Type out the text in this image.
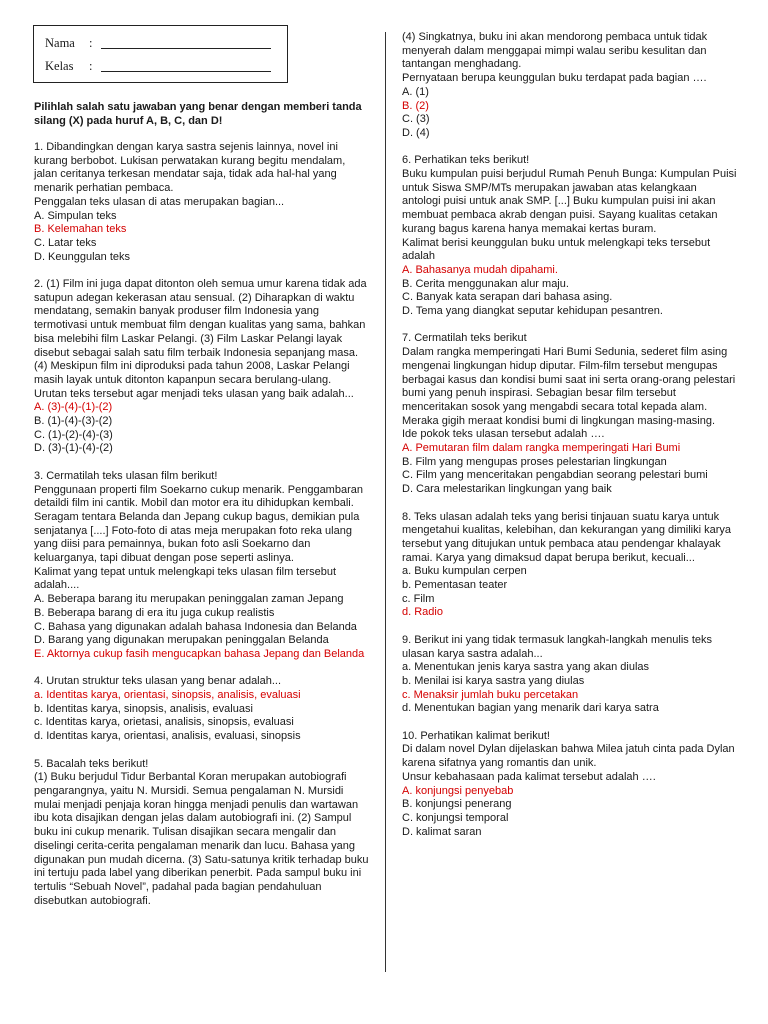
Nama	:
Kelas	:
Pilihlah salah satu jawaban yang benar dengan memberi tanda silang (X) pada huruf A, B, C, dan D!

1. Dibandingkan dengan karya sastra sejenis lainnya, novel ini kurang berbobot. Lukisan perwatakan kurang begitu mendalam, jalan ceritanya terkesan mendatar saja, tidak ada hal-hal yang menarik perhatian pembaca.

Penggalan teks ulasan di atas merupakan bagian...

A. Simpulan teks
B. Kelemahan teks
C. Latar teks
D. Keunggulan teks

2. (1) Film ini juga dapat ditonton oleh semua umur karena tidak ada satupun adegan kekerasan atau sensual. (2) Diharapkan di waktu mendatang, semakin banyak produser film Indonesia yang termotivasi untuk membuat film dengan kualitas yang sama, bahkan bisa melebihi film Laskar Pelangi. (3) Film Laskar Pelangi layak disebut sebagai salah satu film terbaik Indonesia sepanjang masa. (4) Meskipun film ini diproduksi pada tahun 2008, Laskar Pelangi masih layak untuk ditonton kapanpun secara berulang-ulang.

Urutan teks tersebut agar menjadi teks ulasan yang baik adalah...

A. (3)-(4)-(1)-(2)
B. (1)-(4)-(3)-(2)
C. (1)-(2)-(4)-(3)
D. (3)-(1)-(4)-(2)

3. Cermatilah teks ulasan film berikut!

Penggunaan properti film Soekarno cukup menarik. Penggambaran detaildi film ini cantik. Mobil dan motor era itu dihidupkan kembali. Seragam tentara Belanda dan Jepang cukup bagus, demikian pula senjatanya [....] Foto-foto di atas meja merupakan foto reka ulang yang diisi para pemainnya, bukan foto asli Soekarno dan keluarganya, tapi dibuat dengan pose seperti aslinya.

Kalimat yang tepat untuk melengkapi teks ulasan film tersebut adalah....

A. Beberapa barang itu merupakan peninggalan zaman Jepang
B. Beberapa barang di era itu juga cukup realistis
C. Bahasa yang digunakan adalah bahasa Indonesia dan Belanda
D. Barang yang digunakan merupakan peninggalan Belanda
E. Aktornya cukup fasih mengucapkan bahasa Jepang dan Belanda

4. Urutan struktur teks ulasan yang benar adalah...

a. Identitas karya, orientasi, sinopsis, analisis, evaluasi
b. Identitas karya, sinopsis, analisis, evaluasi
c. Identitas karya, orietasi, analisis, sinopsis, evaluasi
d. Identitas karya, orientasi, analisis, evaluasi, sinopsis

5. Bacalah teks berikut!

(1) Buku berjudul Tidur Berbantal Koran merupakan autobiografi pengarangnya, yaitu N. Mursidi. Semua pengalaman N. Mursidi mulai menjadi penjaja koran hingga menjadi penulis dan wartawan ibu kota disajikan dengan jelas dalam autobiografi ini. (2) Sampul buku ini cukup menarik. Tulisan disajikan secara mengalir dan diselingi cerita-cerita pengalaman menarik dan lucu. Bahasa yang digunakan pun mudah dicerna. (3) Satu-satunya kritik terhadap buku ini tertuju pada label yang diberikan penerbit. Pada sampul buku ini tertulis “Sebuah Novel”, padahal pada bagian pendahuluan disebutkan autobiografi.

(4) Singkatnya, buku ini akan mendorong pembaca untuk tidak menyerah dalam menggapai mimpi walau seribu kesulitan dan tantangan menghadang.

Pernyataan berupa keunggulan buku terdapat pada bagian ….

A. (1)
B. (2)
C. (3)
D. (4)

6. Perhatikan teks berikut!

Buku kumpulan puisi berjudul Rumah Penuh Bunga: Kumpulan Puisi untuk Siswa SMP/MTs merupakan jawaban atas kelangkaan antologi puisi untuk anak SMP. [...] Buku kumpulan puisi ini akan membuat pembaca akrab dengan puisi. Sayang kualitas cetakan kurang bagus karena hanya memakai kertas buram.

Kalimat berisi keunggulan buku untuk melengkapi teks tersebut adalah

A. Bahasanya mudah dipahami.
B. Cerita menggunakan alur maju.
C. Banyak kata serapan dari bahasa asing.
D. Tema yang diangkat seputar kehidupan pesantren.

7. Cermatilah teks berikut

Dalam rangka memperingati Hari Bumi Sedunia, sederet film asing mengenai lingkungan hidup diputar. Film-film tersebut mengupas berbagai kasus dan kondisi bumi saat ini serta orang-orang pelestari bumi yang penuh inspirasi. Sebagian besar film tersebut menceritakan sosok yang mengabdi secara total kepada alam. Meraka gigih meraat kondisi bumi di lingkungan masing-masing.

Ide pokok teks ulasan tersebut adalah ….

A. Pemutaran film dalam rangka memperingati Hari Bumi
B. Film yang mengupas proses pelestarian lingkungan
C. Film yang menceritakan pengabdian seorang pelestari bumi
D. Cara melestarikan lingkungan yang baik

8. Teks ulasan adalah teks yang berisi tinjauan suatu karya untuk mengetahui kualitas, kelebihan, dan kekurangan yang dimiliki karya tersebut yang ditujukan untuk pembaca atau pendengar khalayak ramai. Karya yang dimaksud dapat berupa berikut, kecuali...

a. Buku kumpulan cerpen
b. Pementasan teater
c. Film
d. Radio

9. Berikut ini yang tidak termasuk langkah-langkah menulis teks ulasan karya sastra adalah...

a. Menentukan jenis karya sastra yang akan diulas
b. Menilai isi karya sastra yang diulas
c. Menaksir jumlah buku percetakan
d. Menentukan bagian yang menarik dari karya satra

10. Perhatikan kalimat berikut!

Di dalam novel Dylan dijelaskan bahwa Milea jatuh cinta pada Dylan karena sifatnya yang romantis dan unik.

Unsur kebahasaan pada kalimat tersebut adalah ….

A. konjungsi penyebab
B. konjungsi penerang
C. konjungsi temporal
D. kalimat saran
